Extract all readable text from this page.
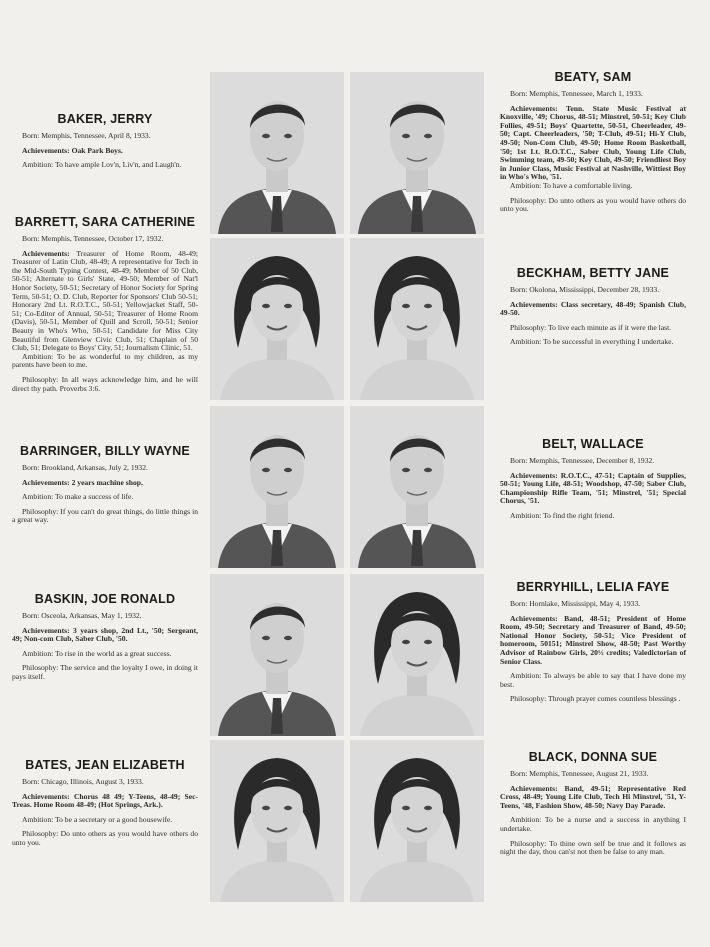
BAKER, JERRY
Born: Memphis, Tennessee, April 8, 1933.
Achievements: Oak Park Boys.
Ambition: To have ample Lov'n, Liv'n, and Laugh'n.
BARRETT, SARA CATHERINE
Born: Memphis, Tennessee, October 17, 1932.
Achievements: Treasurer of Home Room, 48-49; Treasurer of Latin Club, 48-49; A representative for Tech in the Mid-South Typing Contest, 48-49; Member of 50 Club, 50-51; Alternate to Girls' State, 49-50; Member of Nat'l Honor Society, 50-51; Secretary of Honor Society for Spring Term, 50-51; O. D. Club, Reporter for Sponsors' Club 50-51; Honorary 2nd Lt. R.O.T.C., 50-51; Yellowjacket Staff, 50-51; Co-Editor of Annual, 50-51; Treasurer of Home Room (Davis), 50-51, Member of Quill and Scroll, 50-51; Senior Beauty in Who's Who, 50-51; Candidate for Miss City Beautiful from Glenview Civic Club, 51; Chaplain of 50 Club, 51; Delegate to Boys' City, 51; Journalism Clinic, 51.
Ambition: To be as wonderful to my children, as my parents have been to me.
Philosophy: In all ways acknowledge him, and he will direct thy path. Proverbs 3:6.
BARRINGER, BILLY WAYNE
Born: Brookland, Arkansas, July 2, 1932.
Achievements: 2 years machine shop.
Ambition: To make a success of life.
Philosophy: If you can't do great things, do little things in a great way.
BASKIN, JOE RONALD
Born: Osceola, Arkansas, May 1, 1932.
Achievements: 3 years shop, 2nd Lt., '50; Sergeant, 49; Non-com Club, Saber Club, '50.
Ambition: To rise in the world as a great success.
Philosophy: The service and the loyalty I owe, in doing it pays itself.
BATES, JEAN ELIZABETH
Born: Chicago, Illinois, August 3, 1933.
Achievements: Chorus 48 49; Y-Teens, 48-49; Sec-Treas. Home Room 48-49; (Hot Springs, Ark.).
Ambition: To be a secretary or a good housewife.
Philosophy: Do unto others as you would have others do unto you.
BEATY, SAM
Born: Memphis, Tennessee, March 1, 1933.
Achievements: Tenn. State Music Festival at Knoxville, '49; Chorus, 48-51; Minstrel, 50-51; Key Club Follies, 49-51; Boys' Quartette, 50-51, Cheerleader, 49-50; Capt. Cheerleaders, '50; T-Club, 49-51; Hi-Y Club, 49-50; Non-Com Club, 49-50; Home Room Basketball, '50; 1st Lt. R.O.T.C., Saber Club, Young Life Club, Swimming team, 49-50; Key Club, 49-50; Friendliest Boy in Junior Class, Music Festival at Nashville, Wittiest Boy in Who's Who, '51.
Ambition: To have a comfortable living.
Philosophy: Do unto others as you would have others do unto you.
BECKHAM, BETTY JANE
Born: Okolona, Mississippi, December 28, 1933.
Achievements: Class secretary, 48-49; Spanish Club, 49-50.
Philosophy: To live each minute as if it were the last.
Ambition: To be successful in everything I undertake.
BELT, WALLACE
Born: Memphis, Tennessee, December 8, 1932.
Achievements: R.O.T.C., 47-51; Captain of Supplies, 50-51; Young Life, 48-51; Woodshop, 47-50; Saber Club, Championship Rifle Team, '51; Minstrel, '51; Special Chorus, '51.
Ambition: To find the right friend.
BERRYHILL, LELIA FAYE
Born: Hornlake, Mississippi, May 4, 1933.
Achievements: Band, 48-51; President of Home Room, 49-50; Secretary and Treasurer of Band, 49-50; National Honor Society, 50-51; Vice President of homeroom, 50151; Minstrel Show, 48-50; Past Worthy Advisor of Rainbow Girls, 20½ credits; Valedictorian of Senior Class.
Ambition: To always be able to say that I have done my best.
Philosophy: Through prayer comes countless blessings .
BLACK, DONNA SUE
Born: Memphis, Tennessee, August 21, 1933.
Achievements: Band, 49-51; Representative Red Cross, 48-49; Young Life Club, Tech Hi Minstrel, '51, Y-Teens, '48, Fashion Show, 48-50; Navy Day Parade.
Ambition: To be a nurse and a success in anything I undertake.
Philosophy: To thine own self be true and it follows as night the day, thou can'st not then be false to any man.
